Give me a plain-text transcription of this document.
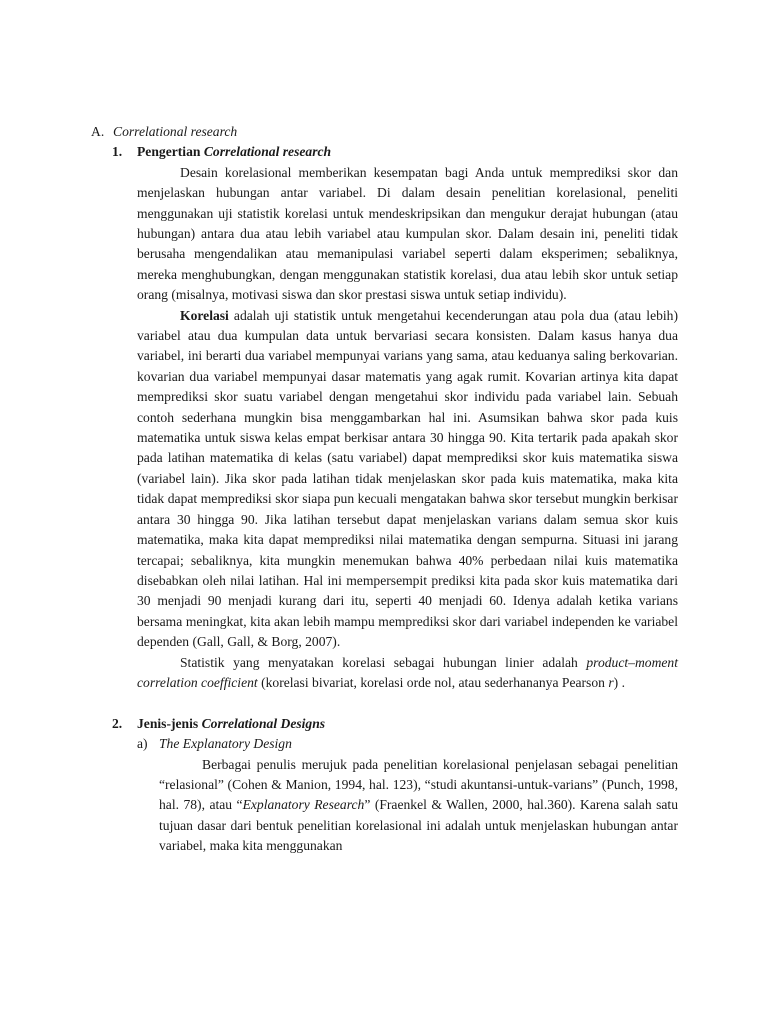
A. Correlational research
1. Pengertian Correlational research

Desain korelasional memberikan kesempatan bagi Anda untuk memprediksi skor dan menjelaskan hubungan antar variabel. Di dalam desain penelitian korelasional, peneliti menggunakan uji statistik korelasi untuk mendeskripsikan dan mengukur derajat hubungan (atau hubungan) antara dua atau lebih variabel atau kumpulan skor. Dalam desain ini, peneliti tidak berusaha mengendalikan atau memanipulasi variabel seperti dalam eksperimen; sebaliknya, mereka menghubungkan, dengan menggunakan statistik korelasi, dua atau lebih skor untuk setiap orang (misalnya, motivasi siswa dan skor prestasi siswa untuk setiap individu).

Korelasi adalah uji statistik untuk mengetahui kecenderungan atau pola dua (atau lebih) variabel atau dua kumpulan data untuk bervariasi secara konsisten. Dalam kasus hanya dua variabel, ini berarti dua variabel mempunyai varians yang sama, atau keduanya saling berkovarian. kovarian dua variabel mempunyai dasar matematis yang agak rumit. Kovarian artinya kita dapat memprediksi skor suatu variabel dengan mengetahui skor individu pada variabel lain. Sebuah contoh sederhana mungkin bisa menggambarkan hal ini. Asumsikan bahwa skor pada kuis matematika untuk siswa kelas empat berkisar antara 30 hingga 90. Kita tertarik pada apakah skor pada latihan matematika di kelas (satu variabel) dapat memprediksi skor kuis matematika siswa (variabel lain). Jika skor pada latihan tidak menjelaskan skor pada kuis matematika, maka kita tidak dapat memprediksi skor siapa pun kecuali mengatakan bahwa skor tersebut mungkin berkisar antara 30 hingga 90. Jika latihan tersebut dapat menjelaskan varians dalam semua skor kuis matematika, maka kita dapat memprediksi nilai matematika dengan sempurna. Situasi ini jarang tercapai; sebaliknya, kita mungkin menemukan bahwa 40% perbedaan nilai kuis matematika disebabkan oleh nilai latihan. Hal ini mempersempit prediksi kita pada skor kuis matematika dari 30 menjadi 90 menjadi kurang dari itu, seperti 40 menjadi 60. Idenya adalah ketika varians bersama meningkat, kita akan lebih mampu memprediksi skor dari variabel independen ke variabel dependen (Gall, Gall, & Borg, 2007).

Statistik yang menyatakan korelasi sebagai hubungan linier adalah product–moment correlation coefficient (korelasi bivariat, korelasi orde nol, atau sederhananya Pearson r) .

2. Jenis-jenis Correlational Designs
a) The Explanatory Design

Berbagai penulis merujuk pada penelitian korelasional penjelasan sebagai penelitian “relasional” (Cohen & Manion, 1994, hal. 123), “studi akuntansi-untuk-varians” (Punch, 1998, hal. 78), atau “Explanatory Research” (Fraenkel & Wallen, 2000, hal.360). Karena salah satu tujuan dasar dari bentuk penelitian korelasional ini adalah untuk menjelaskan hubungan antar variabel, maka kita menggunakan
